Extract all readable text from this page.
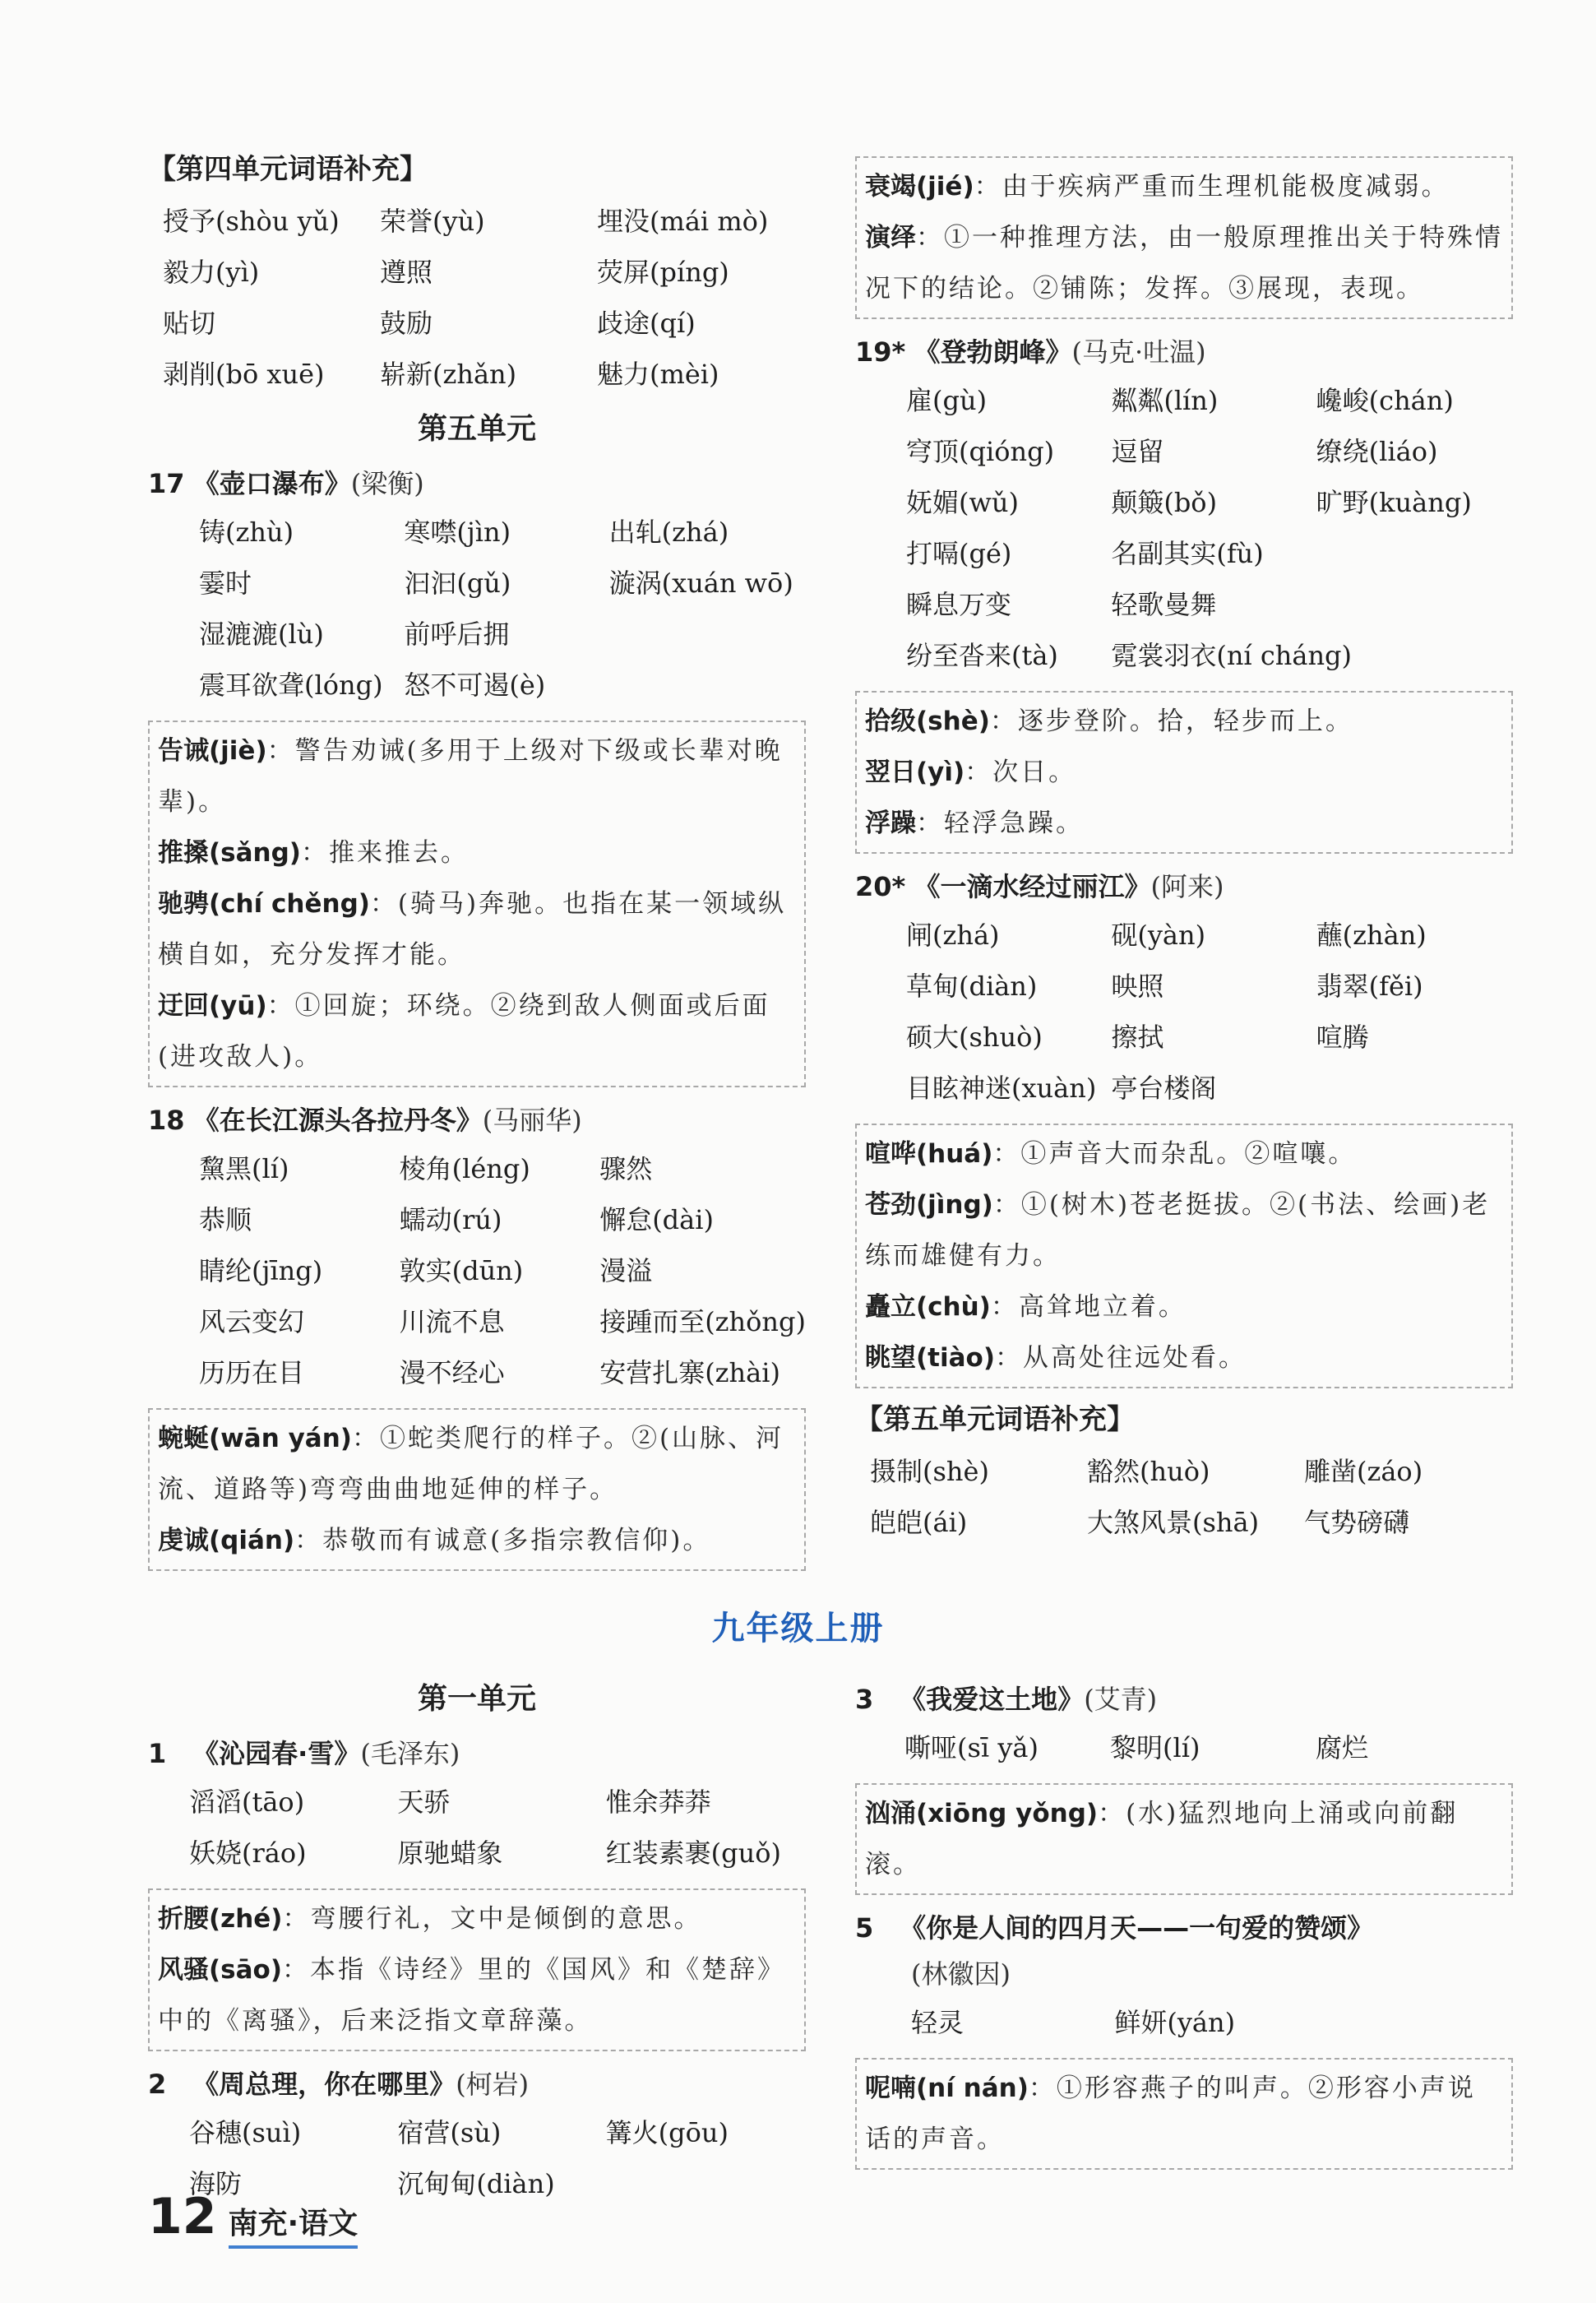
【第四单元词语补充】
授予(shòu yǔ)	荣誉(yù)	埋没(mái mò)
毅力(yì)	遵照	荧屏(píng)
贴切	鼓励	歧途(qí)
剥削(bō xuē)	崭新(zhǎn)	魅力(mèi)
第五单元
17 《壶口瀑布》(梁衡)
铸(zhù)	寒噤(jìn)	出轧(zhá)
霎时	汩汩(gǔ)	漩涡(xuán wō)
湿漉漉(lù)	前呼后拥
震耳欲聋(lóng) 怒不可遏(è)
告诫(jiè)：警告劝诫(多用于上级对下级或长辈对晚辈)。
推搡(sǎng)：推来推去。
驰骋(chí chěng)：(骑马)奔驰。也指在某一领域纵横自如，充分发挥才能。
迂回(yū)：①回旋；环绕。②绕到敌人侧面或后面(进攻敌人)。
18 《在长江源头各拉丹冬》(马丽华)
黧黑(lí)	棱角(léng)	骤然
恭顺	蠕动(rú)	懈怠(dài)
睛纶(jīng)	敦实(dūn)	漫溢
风云变幻	川流不息	接踵而至(zhǒng)
历历在目	漫不经心	安营扎寨(zhài)
蜿蜒(wān yán)：①蛇类爬行的样子。②(山脉、河流、道路等)弯弯曲曲地延伸的样子。
虔诚(qián)：恭敬而有诚意(多指宗教信仰)。
衰竭(jié)：由于疾病严重而生理机能极度减弱。
演绎：①一种推理方法，由一般原理推出关于特殊情况下的结论。②铺陈；发挥。③展现，表现。
19* 《登勃朗峰》(马克·吐温)
雇(gù)	粼粼(lín)	巉峻(chán)
穹顶(qióng)	逗留	缭绕(liáo)
妩媚(wǔ)	颠簸(bǒ)	旷野(kuàng)
打嗝(gé)	名副其实(fù)
瞬息万变	轻歌曼舞
纷至沓来(tà)	霓裳羽衣(ní cháng)
拾级(shè)：逐步登阶。拾，轻步而上。
翌日(yì)：次日。
浮躁：轻浮急躁。
20* 《一滴水经过丽江》(阿来)
闸(zhá)	砚(yàn)	蘸(zhàn)
草甸(diàn)	映照	翡翠(fěi)
硕大(shuò)	擦拭	喧腾
目眩神迷(xuàn) 亭台楼阁
喧哗(huá)：①声音大而杂乱。②喧嚷。
苍劲(jìng)：①(树木)苍老挺拔。②(书法、绘画)老练而雄健有力。
矗立(chù)：高耸地立着。
眺望(tiào)：从高处往远处看。
【第五单元词语补充】
摄制(shè)	豁然(huò)	雕凿(záo)
皑皑(ái)	大煞风景(shā)	气势磅礴
九年级上册
第一单元
1 《沁园春·雪》(毛泽东)
滔滔(tāo)	天骄	惟余莽莽
妖娆(ráo)	原驰蜡象	红装素裹(guǒ)
折腰(zhé)：弯腰行礼，文中是倾倒的意思。
风骚(sāo)：本指《诗经》里的《国风》和《楚辞》中的《离骚》，后来泛指文章辞藻。
2 《周总理，你在哪里》(柯岩)
谷穗(suì)	宿营(sù)	篝火(gōu)
海防	沉甸甸(diàn)
3 《我爱这土地》(艾青)
嘶哑(sī yǎ)	黎明(lí)	腐烂
汹涌(xiōng yǒng)：(水)猛烈地向上涌或向前翻滚。
5 《你是人间的四月天——一句爱的赞颂》
(林徽因)
轻灵	鲜妍(yán)
呢喃(ní nán)：①形容燕子的叫声。②形容小声说话的声音。
12 南充·语文
